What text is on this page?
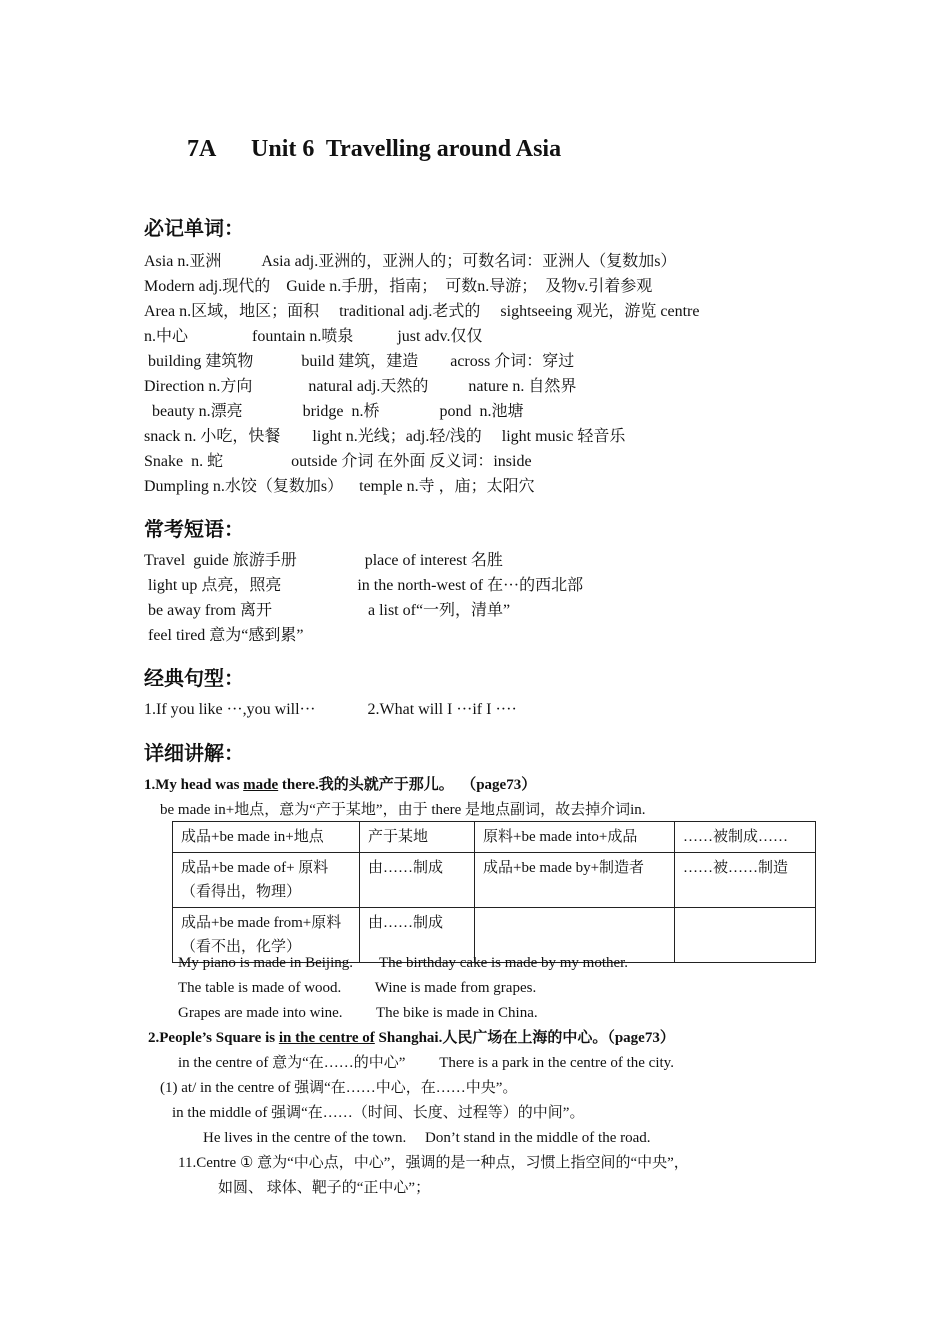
7A      Unit 6  Travelling around Asia
必记单词：
Asia n.亚洲          Asia adj.亚洲的，亚洲人的；可数名词：亚洲人（复数加s）
Modern adj.现代的    Guide n.手册，指南；  可数n.导游；  及物v.引着参观
Area n.区域，地区；面积     traditional adj.老式的     sightseeing 观光，游览 centre
n.中心                fountain n.喷泉           just adv.仅仅
building 建筑物            build 建筑，建造        across 介词：穿过
Direction n.方向              natural adj.天然的          nature n. 自然界
beauty n.漂亮               bridge  n.桥               pond  n.池塘
snack n. 小吃，快餐        light n.光线；adj.轻/浅的     light music 轻音乐
Snake  n. 蛇                 outside 介词 在外面 反义词：inside
Dumpling n.水饺（复数加s）    temple n.寺 ，庙；太阳穴
常考短语：
Travel  guide 旅游手册                 place of interest 名胜
light up 点亮，照亮                   in the north-west of 在···的西北部
be away from 离开                        a list of“一列，清单”
feel tired 意为“感到累”
经典句型：
1.If you like ···,you will···             2.What will I ···if I ····
详细讲解：
1.My head was made there.我的头就产于那儿。  （page73）
be made in+地点，意为“产于某地”，由于 there 是地点副词，故去掉介词in.
成品+be made in+地点	产于某地	原料+be made into+成品	……被制成……
成品+be made of+ 原料（看得出，物理）	由……制成	成品+be made by+制造者	……被……制造
成品+be made from+原料（看不出，化学）	由……制成		
My piano is made in Beijing.       The birthday cake is made by my mother.
The table is made of wood.         Wine is made from grapes.
Grapes are made into wine.         The bike is made in China.
2.People’s Square is in the centre of Shanghai.人民广场在上海的中心。（page73）
in the centre of 意为“在……的中心”         There is a park in the centre of the city.
(1) at/ in the centre of 强调“在……中心，在……中央”。
in the middle of 强调“在……（时间、长度、过程等）的中间”。
He lives in the centre of the town.     Don’t stand in the middle of the road.
11.Centre ① 意为“中心点，中心”，强调的是一种点，习惯上指空间的“中央”，
如圆、 球体、靶子的“正中心”；
